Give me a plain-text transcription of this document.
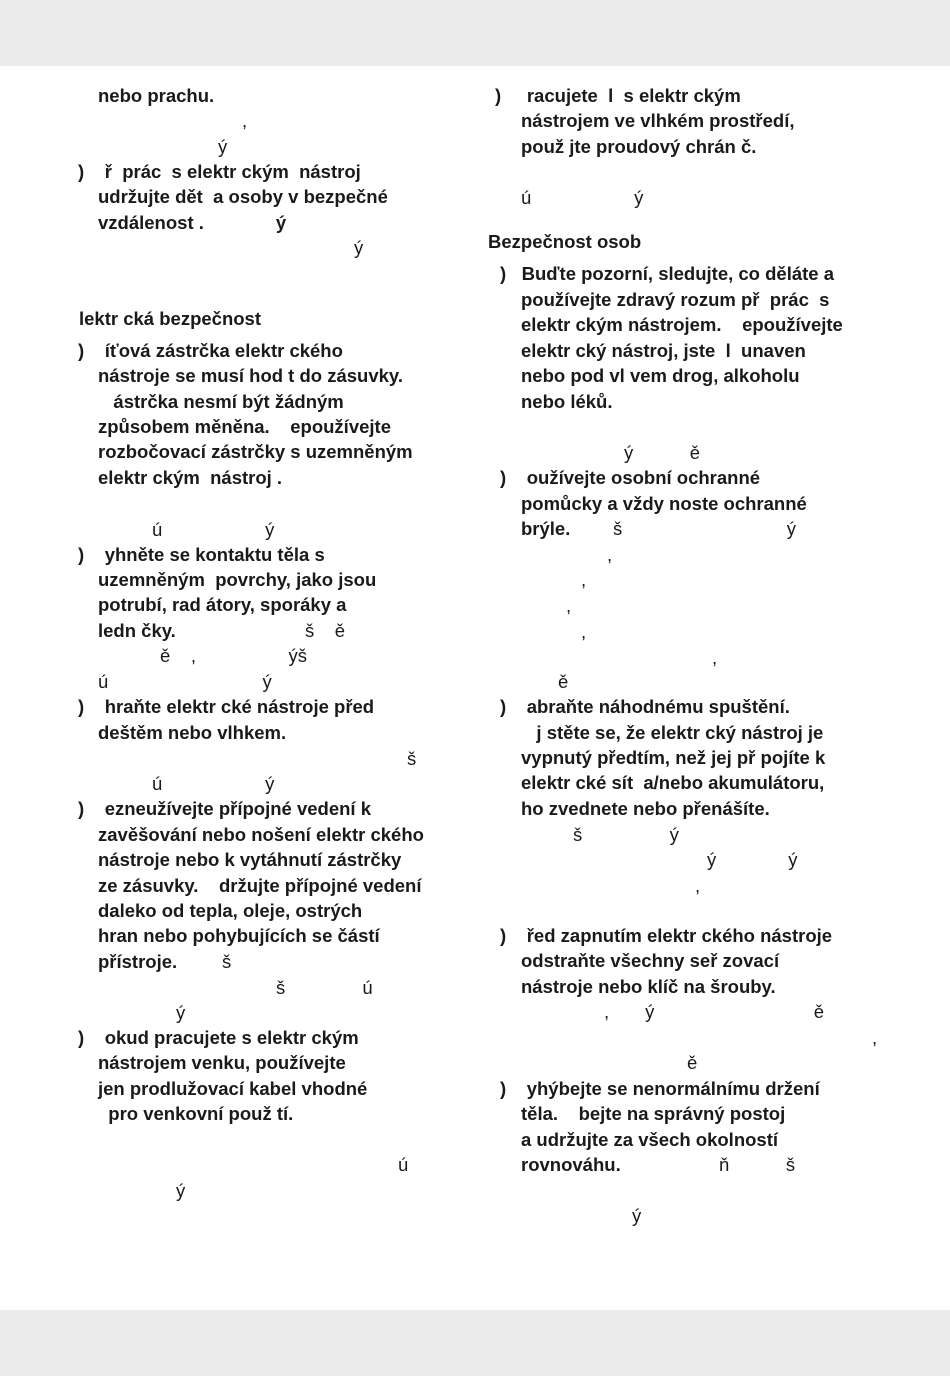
nebo prachu.
,
ý
)    ř  prác  s elektr ckým  nástroj
udržujte dět  a osoby v bezpečné
vzdálenost .              ý
ý
lektr cká bezpečnost
)    íťová zástrčka elektr ckého
nástroje se musí hod t do zásuvky.
ástrčka nesmí být žádným
způsobem měněna.    epoužívejte
rozbočovací zástrčky s uzemněným
elektr ckým  nástroj .
ú                    ý
)    yhněte se kontaktu těla s
uzemněným  povrchy, jako jsou
potrubí, rad átory, sporáky a
ledn čky.	š    ě
ě    ,                  ýš
ú                              ý
)    hraňte elektr cké nástroje před
deštěm nebo vlhkem.
š
ú                    ý
)    ezneužívejte přípojné vedení k
zavěšování nebo nošení elektr ckého
nástroje nebo k vytáhnutí zástrčky
ze zásuvky.    držujte přípojné vedení
daleko od tepla, oleje, ostrých
hran nebo pohybujících se částí
přístroje. š
š               ú
ý
)    okud pracujete s elektr ckým
nástrojem venku, používejte
jen prodlužovací kabel vhodné
pro venkovní použ tí.
ú
ý
)     racujete  l  s elektr ckým
nástrojem ve vlhkém prostředí,
použ jte proudový chrán č.
ú                    ý
Bezpečnost osob
)   Buďte pozorní, sledujte, co děláte a
používejte zdravý rozum př  prác  s
elektr ckým nástrojem.    epoužívejte
elektr cký nástroj, jste  l  unaven
nebo pod vl vem drog, alkoholu
nebo léků.
ý           ě
)    oužívejte osobní ochranné
pomůcky a vždy noste ochranné
brýle. š                                ý
,
,
,
,
,
ě
)    abraňte náhodnému spuštění.
j stěte se, že elektr cký nástroj je
vypnutý předtím, než jej př pojíte k
elektr cké sít  a/nebo akumulátoru,
ho zvednete nebo přenášíte.
š                 ý
ý              ý
,
)    řed zapnutím elektr ckého nástroje
odstraňte všechny seř zovací
nástroje nebo klíč na šrouby.
,       ý                               ě
,
ě
)    yhýbejte se nenormálnímu držení
těla.    bejte na správný postoj
a udržujte za všech okolností
rovnováhu.	ň           š
ý
